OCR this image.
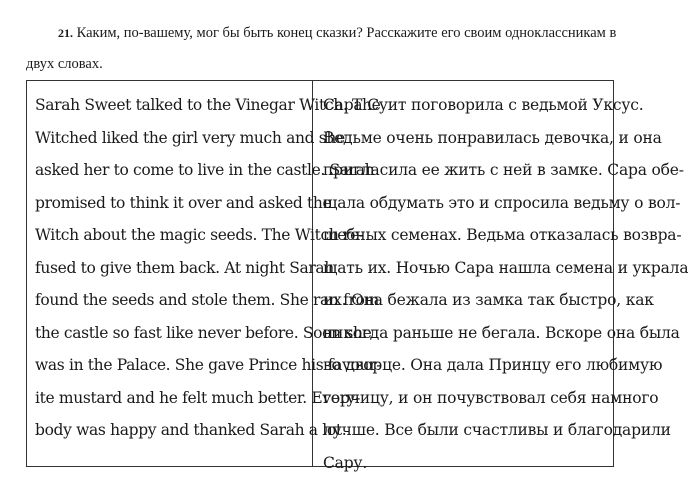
21. Каким, по-вашему, мог бы быть конец сказки? Расскажите его своим одноклассникам в
двух словах.
Sarah Sweet talked to the Vinegar Witch. The
Witched liked the girl very much and she
asked her to come to live in the castle. Sarah
promised to think it over and asked the
Witch about the magic seeds. The Witch re-
fused to give them back. At night Sarah
found the seeds and stole them. She ran from
the castle so fast like never before. Soon she
was in the Palace. She gave Prince his favour-
ite mustard and he felt much better. Every-
body was happy and thanked Sarah a lot.
Сара Суит поговорила с ведьмой Уксус.
Ведьме очень понравилась девочка, и она
пригласила ее жить с ней в замке. Сара обе-
щала обдумать это и спросила ведьму о вол-
шебных семенах. Ведьма отказалась возвра-
щать их. Ночью Сара нашла семена и украла
их. Она бежала из замка так быстро, как
никогда раньше не бегала. Вскоре она была
во дворце. Она дала Принцу его любимую
горчицу, и он почувствовал себя намного
лучше. Все были счастливы и благодарили
Сару.
